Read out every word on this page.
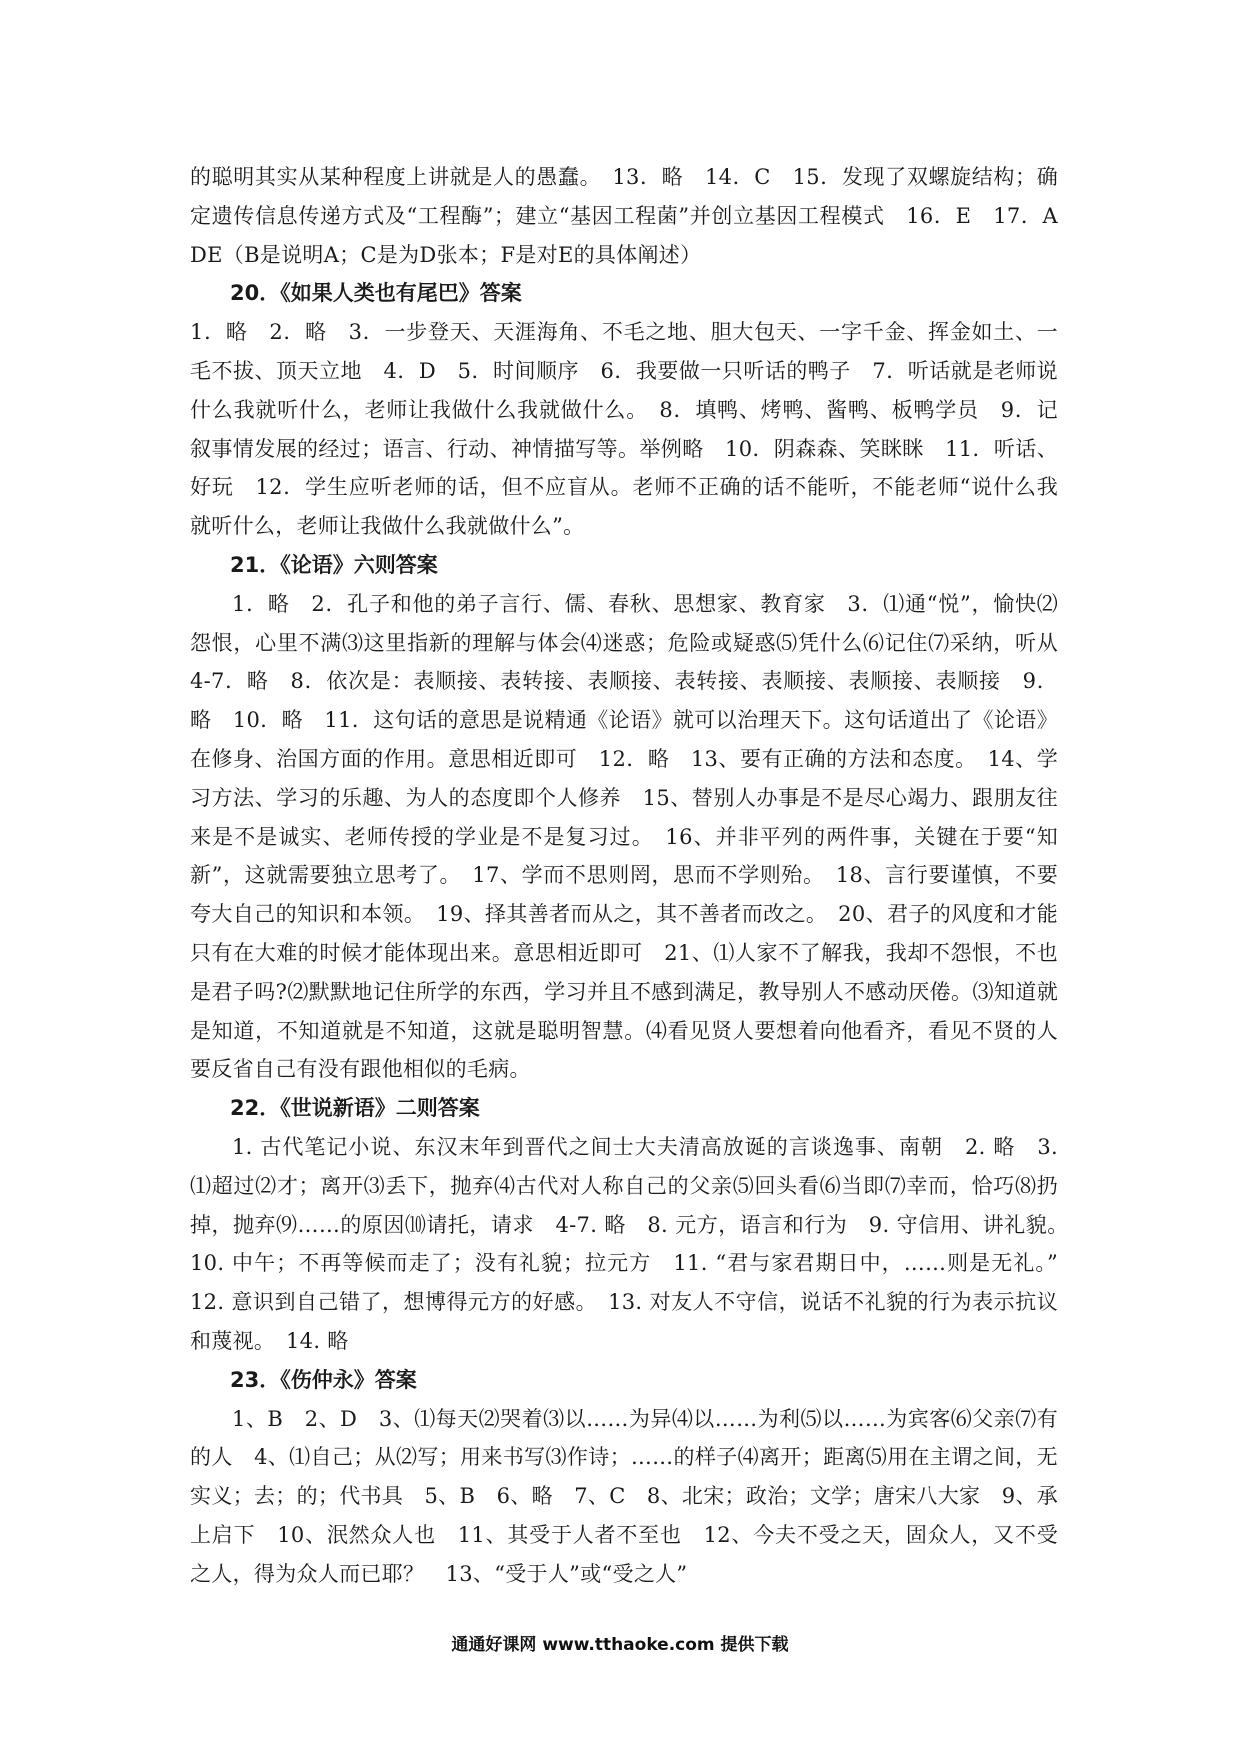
的聪明其实从某种程度上讲就是人的愚蠢。　13．略　14．C　15．发现了双螺旋结构；确定遗传信息传递方式及“工程酶”；建立“基因工程菌”并创立基因工程模式　16．E　17．ADE（B是说明A；C是为D张本；F是对E的具体阐述）

20．《如果人类也有尾巴》答案

1．略　2．略　3．一步登天、天涯海角、不毛之地、胆大包天、一字千金、挥金如土、一毛不拔、顶天立地　4．D　5．时间顺序　6．我要做一只听话的鸭子　7．听话就是老师说什么我就听什么，老师让我做什么我就做什么。　8．填鸭、烤鸭、酱鸭、板鸭学员　9．记叙事情发展的经过；语言、行动、神情描写等。举例略　10．阴森森、笑眯眯　11．听话、好玩　12．学生应听老师的话，但不应盲从。老师不正确的话不能听，不能老师“说什么我就听什么，老师让我做什么我就做什么”。

21．《论语》六则答案

1．略　2．孔子和他的弟子言行、儒、春秋、思想家、教育家　3．⑴通“悦”，愉快⑵怨恨，心里不满⑶这里指新的理解与体会⑷迷惑；危险或疑惑⑸凭什么⑹记住⑺采纳，听从　4-7．略　8．依次是：表顺接、表转接、表顺接、表转接、表顺接、表顺接、表顺接　9．略　10．略　11．这句话的意思是说精通《论语》就可以治理天下。这句话道出了《论语》在修身、治国方面的作用。意思相近即可　12．略　13、要有正确的方法和态度。　14、学习方法、学习的乐趣、为人的态度即个人修养　15、替别人办事是不是尽心竭力、跟朋友往来是不是诚实、老师传授的学业是不是复习过。　16、并非平列的两件事，关键在于要“知新”，这就需要独立思考了。　17、学而不思则罔，思而不学则殆。　18、言行要谨慎，不要夸大自己的知识和本领。　19、择其善者而从之，其不善者而改之。　20、君子的风度和才能只有在大难的时候才能体现出来。意思相近即可　21、⑴人家不了解我，我却不怨恨，不也是君子吗?⑵默默地记住所学的东西，学习并且不感到满足，教导别人不感动厌倦。⑶知道就是知道，不知道就是不知道，这就是聪明智慧。⑷看见贤人要想着向他看齐，看见不贤的人要反省自己有没有跟他相似的毛病。

22．《世说新语》二则答案

1. 古代笔记小说、东汉末年到晋代之间士大夫清高放诞的言谈逸事、南朝　2. 略　3. ⑴超过⑵才；离开⑶丢下，抛弃⑷古代对人称自己的父亲⑸回头看⑹当即⑺幸而，恰巧⑻扔掉，抛弃⑼……的原因⑽请托，请求　4-7. 略　8. 元方，语言和行为　9. 守信用、讲礼貌。　10. 中午；不再等候而走了；没有礼貌；拉元方　11. “君与家君期日中，……则是无礼。”　12. 意识到自己错了，想博得元方的好感。　13. 对友人不守信，说话不礼貌的行为表示抗议和蔑视。　14. 略

23．《伤仲永》答案

1、B　2、D　3、⑴每天⑵哭着⑶以……为异⑷以……为利⑸以……为宾客⑹父亲⑺有的人　4、⑴自己；从⑵写；用来书写⑶作诗；……的样子⑷离开；距离⑸用在主谓之间，无实义；去；的；代书具　5、B　6、略　7、C　8、北宋；政治；文学；唐宋八大家　9、承上启下　10、泯然众人也　11、其受于人者不至也　12、今夫不受之天，固众人，又不受之人，得为众人而已耶？　13、“受于人”或“受之人”

通通好课网 www.tthaoke.com 提供下载
